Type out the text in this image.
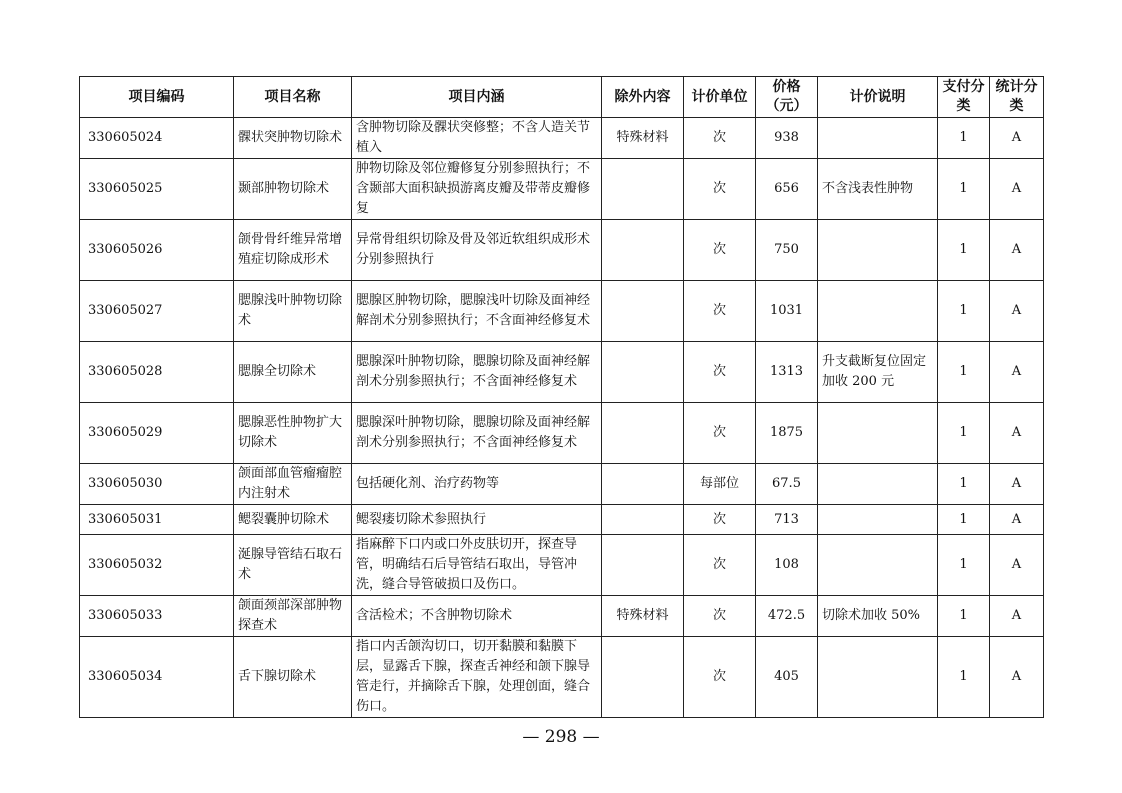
项目编码	项目名称	项目内涵	除外内容	计价单位	价格（元）	计价说明	支付分类	统计分类
330605024	髁状突肿物切除术	含肿物切除及髁状突修整；不含人造关节植入	特殊材料	次	938		1	A
330605025	颞部肿物切除术	肿物切除及邻位瓣修复分别参照执行；不含颞部大面积缺损游离皮瓣及带蒂皮瓣修复		次	656	不含浅表性肿物	1	A
330605026	颌骨骨纤维异常增殖症切除成形术	异常骨组织切除及骨及邻近软组织成形术分别参照执行		次	750		1	A
330605027	腮腺浅叶肿物切除术	腮腺区肿物切除，腮腺浅叶切除及面神经解剖术分别参照执行；不含面神经修复术		次	1031		1	A
330605028	腮腺全切除术	腮腺深叶肿物切除，腮腺切除及面神经解剖术分别参照执行；不含面神经修复术		次	1313	升支截断复位固定加收 200 元	1	A
330605029	腮腺恶性肿物扩大切除术	腮腺深叶肿物切除，腮腺切除及面神经解剖术分别参照执行；不含面神经修复术		次	1875		1	A
330605030	颌面部血管瘤瘤腔内注射术	包括硬化剂、治疗药物等		每部位	67.5		1	A
330605031	鳃裂囊肿切除术	鳃裂瘘切除术参照执行		次	713		1	A
330605032	涎腺导管结石取石术	指麻醉下口内或口外皮肤切开，探查导管，明确结石后导管结石取出，导管冲洗，缝合导管破损口及伤口。		次	108		1	A
330605033	颌面颈部深部肿物探查术	含活检术；不含肿物切除术	特殊材料	次	472.5	切除术加收 50%	1	A
330605034	舌下腺切除术	指口内舌颌沟切口，切开黏膜和黏膜下层，显露舌下腺，探查舌神经和颌下腺导管走行，并摘除舌下腺，处理创面，缝合伤口。		次	405		1	A
— 298 —
